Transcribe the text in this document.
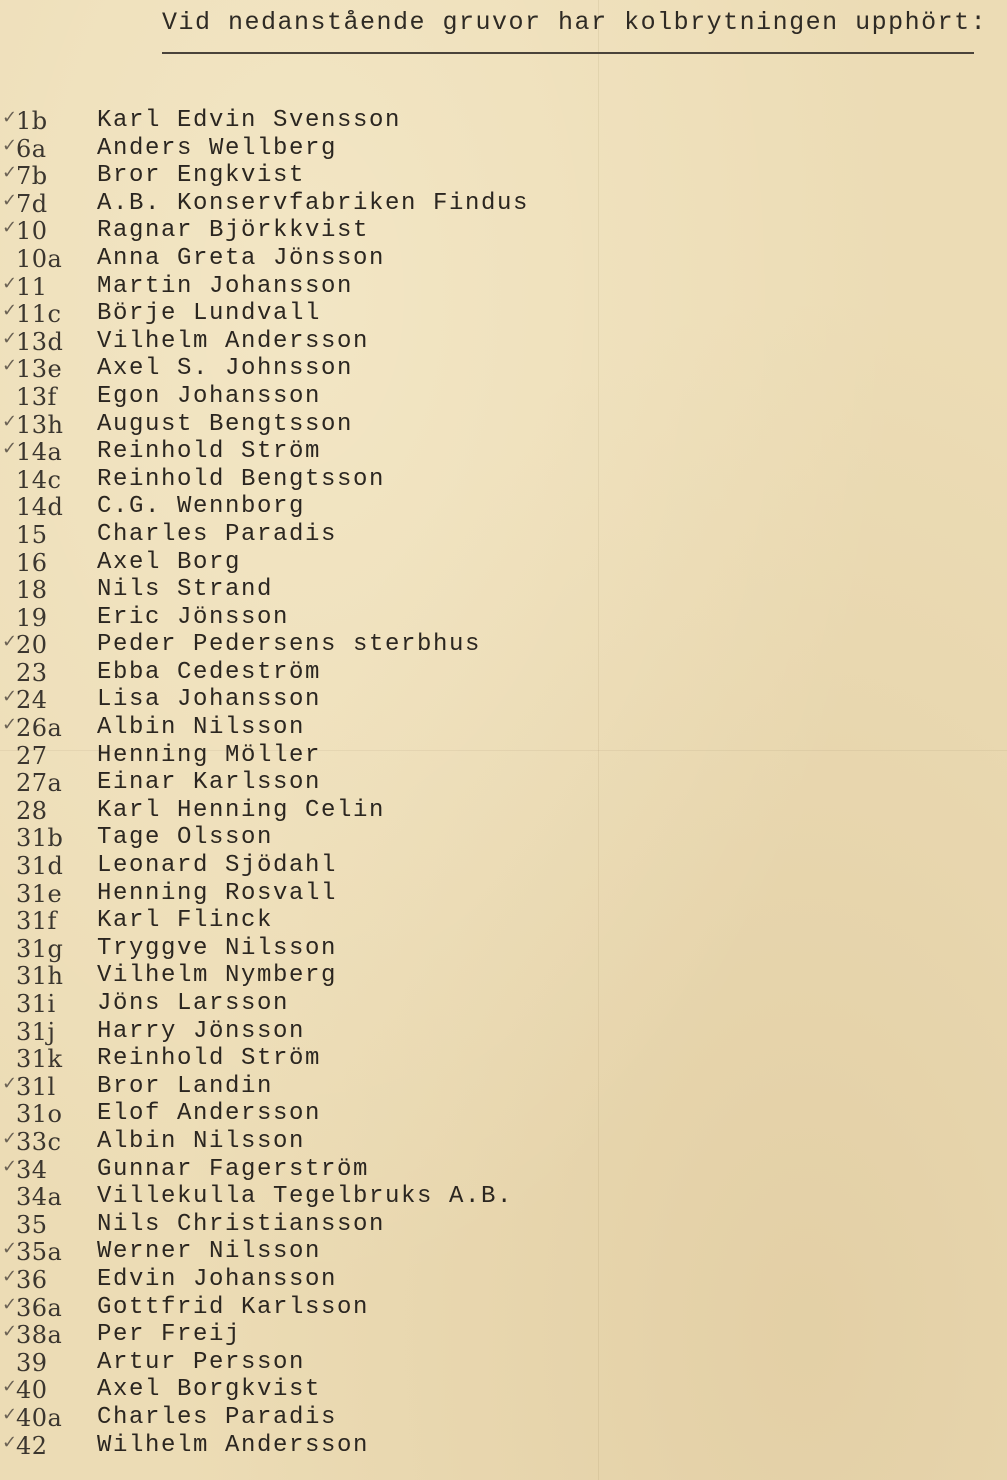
Vid nedanstående gruvor har kolbrytningen upphört:
✓
1b Karl Edvin Svensson
✓
6a Anders Wellberg
✓
7b Bror Engkvist
✓
7d A.B. Konservfabriken Findus
✓
10 Ragnar Björkkvist
10a Anna Greta Jönsson
✓
11 Martin Johansson
✓
11c Börje Lundvall
✓
13d Vilhelm Andersson
✓
13e Axel S. Johnsson
13f Egon Johansson
✓
13h August Bengtsson
✓
14a Reinhold Ström
14c Reinhold Bengtsson
14d C.G. Wennborg
15 Charles Paradis
16 Axel Borg
18 Nils Strand
19 Eric Jönsson
✓
20 Peder Pedersens sterbhus
23 Ebba Cedeström
✓
24 Lisa Johansson
✓
26a Albin Nilsson
27 Henning Möller
27a Einar Karlsson
28 Karl Henning Celin
31b Tage Olsson
31d Leonard Sjödahl
31e Henning Rosvall
31f Karl Flinck
31g Tryggve Nilsson
31h Vilhelm Nymberg
31i Jöns Larsson
31j Harry Jönsson
31k Reinhold Ström
✓
31l Bror Landin
31o Elof Andersson
✓
33c Albin Nilsson
✓
34 Gunnar Fagerström
34a Villekulla Tegelbruks A.B.
35 Nils Christiansson
✓
35a Werner Nilsson
✓
36 Edvin Johansson
✓
36a Gottfrid Karlsson
✓
38a Per Freij
39 Artur Persson
✓
40 Axel Borgkvist
✓
40a Charles Paradis
✓
42 Wilhelm Andersson
